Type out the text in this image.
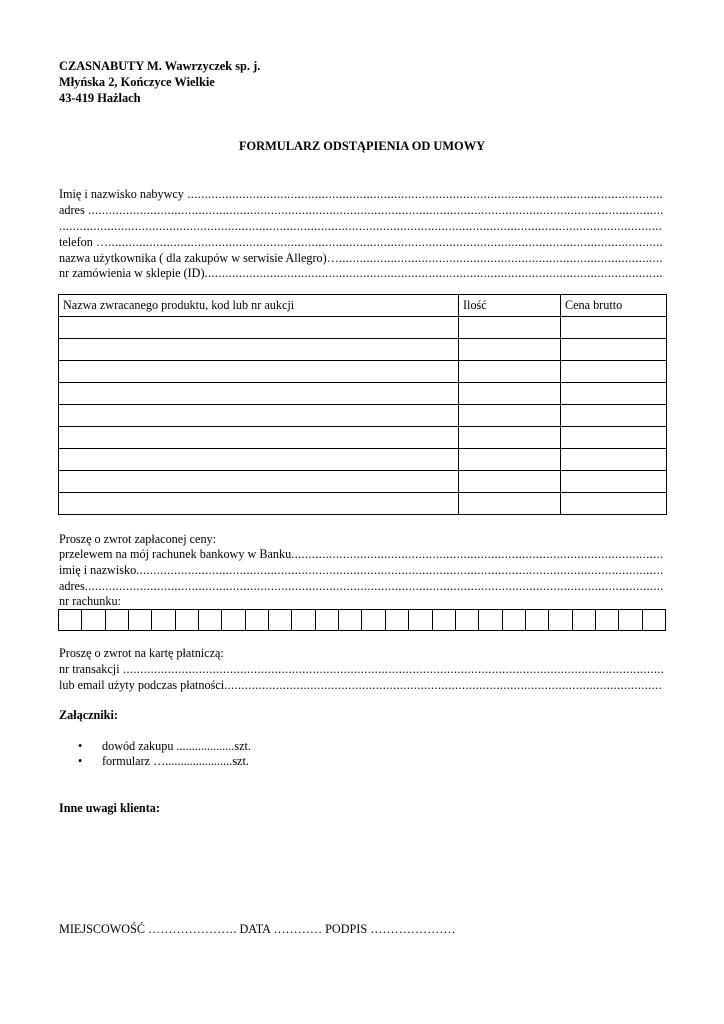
CZASNABUTY M. Wawrzyczek sp. j.
Młyńska 2, Kończyce Wielkie
43-419 Hażlach
FORMULARZ ODSTĄPIENIA OD UMOWY
Imię i nazwisko nabywcy
.....
adres
.....
.....
telefon …
.....
nazwa użytkownika ( dla zakupów w serwisie Allegro)…
.....
nr zamówienia w sklepie (ID)
.....
Nazwa zwracanego produktu, kod lub nr aukcji	Ilość	Cena brutto

Proszę o zwrot zapłaconej ceny:
przelewem na mój rachunek bankowy w Banku
.....
imię i nazwisko
.....
adres
.....
nr rachunku:
Proszę o zwrot na kartę płatniczą:
nr transakcji
.....
lub email użyty podczas płatności
.....
Załączniki:
• dowód zakupu ...................szt.
• formularz …......................szt.
Inne uwagi klienta:
MIEJSCOWOŚĆ …………………. DATA ………… PODPIS …………………
